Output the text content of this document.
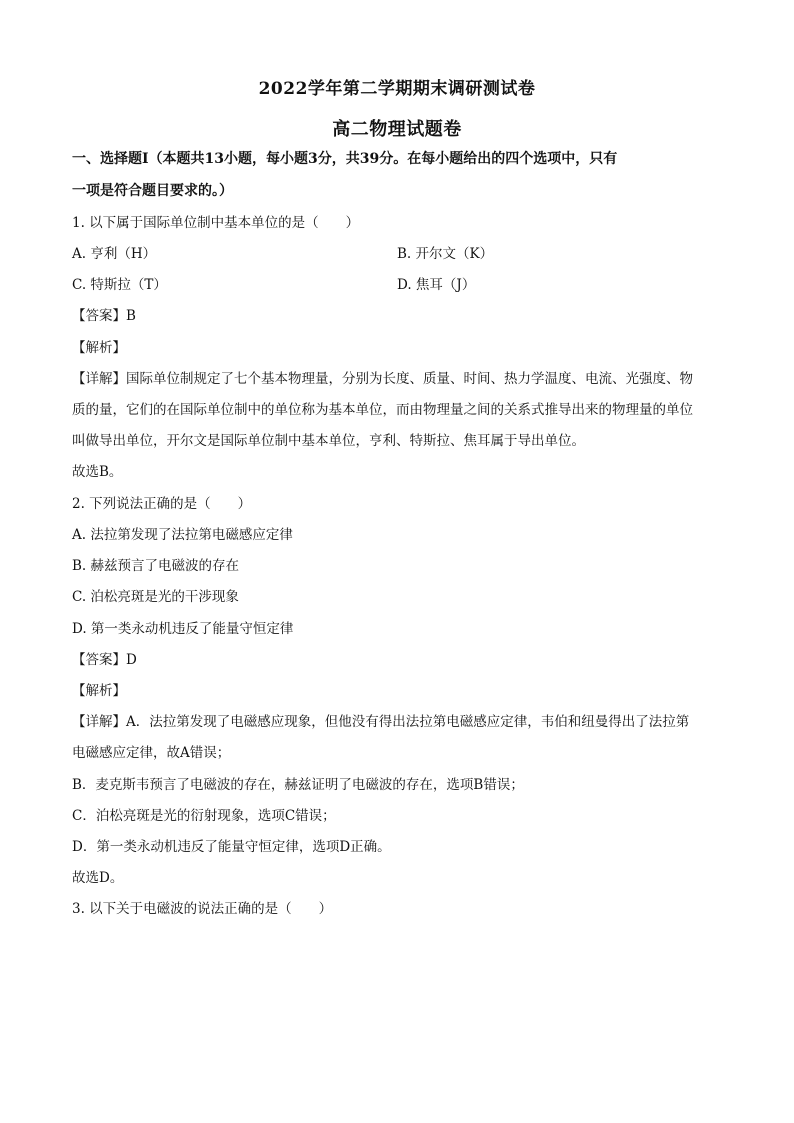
2022学年第二学期期末调研测试卷
高二物理试题卷
一、选择题Ⅰ（本题共13小题，每小题3分，共39分。在每小题给出的四个选项中，只有
一项是符合题目要求的。）
1. 以下属于国际单位制中基本单位的是（　　）
A. 亨利（H）	B. 开尔文（K）
C. 特斯拉（T）	D. 焦耳（J）
【答案】B
【解析】
【详解】国际单位制规定了七个基本物理量，分别为长度、质量、时间、热力学温度、电流、光强度、物
质的量，它们的在国际单位制中的单位称为基本单位，而由物理量之间的关系式推导出来的物理量的单位
叫做导出单位，开尔文是国际单位制中基本单位，亨利、特斯拉、焦耳属于导出单位。
故选B。
2. 下列说法正确的是（　　）
A. 法拉第发现了法拉第电磁感应定律
B. 赫兹预言了电磁波的存在
C. 泊松亮斑是光的干涉现象
D. 第一类永动机违反了能量守恒定律
【答案】D
【解析】
【详解】A．法拉第发现了电磁感应现象，但他没有得出法拉第电磁感应定律，韦伯和纽曼得出了法拉第
电磁感应定律，故A错误；
B．麦克斯韦预言了电磁波的存在，赫兹证明了电磁波的存在，选项B错误；
C．泊松亮斑是光的衍射现象，选项C错误；
D．第一类永动机违反了能量守恒定律，选项D正确。
故选D。
3. 以下关于电磁波的说法正确的是（　　）
